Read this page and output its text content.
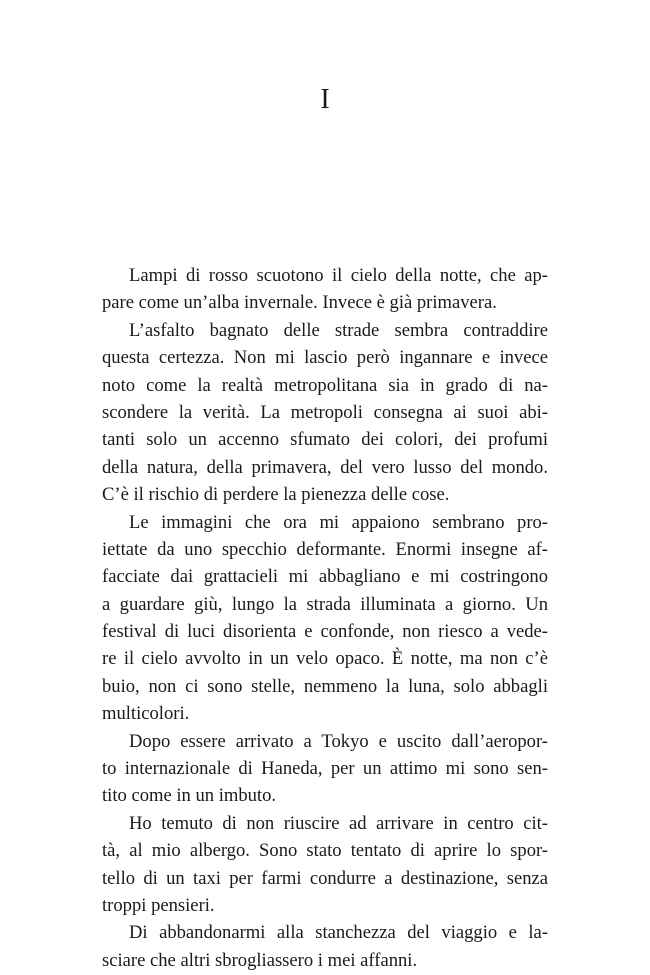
I
Lampi di rosso scuotono il cielo della notte, che ap-
pare come un’alba invernale. Invece è già primavera.
L’asfalto bagnato delle strade sembra contraddire
questa certezza. Non mi lascio però ingannare e invece
noto come la realtà metropolitana sia in grado di na-
scondere la verità. La metropoli consegna ai suoi abi-
tanti solo un accenno sfumato dei colori, dei profumi
della natura, della primavera, del vero lusso del mondo.
C’è il rischio di perdere la pienezza delle cose.
Le immagini che ora mi appaiono sembrano pro-
iettate da uno specchio deformante. Enormi insegne af-
facciate dai grattacieli mi abbagliano e mi costringono
a guardare giù, lungo la strada illuminata a giorno. Un
festival di luci disorienta e confonde, non riesco a vede-
re il cielo avvolto in un velo opaco. È notte, ma non c’è
buio, non ci sono stelle, nemmeno la luna, solo abbagli
multicolori.
Dopo essere arrivato a Tokyo e uscito dall’aeropor-
to internazionale di Haneda, per un attimo mi sono sen-
tito come in un imbuto.
Ho temuto di non riuscire ad arrivare in centro cit-
tà, al mio albergo. Sono stato tentato di aprire lo spor-
tello di un taxi per farmi condurre a destinazione, senza
troppi pensieri.
Di abbandonarmi alla stanchezza del viaggio e la-
sciare che altri sbrogliassero i mei affanni.
